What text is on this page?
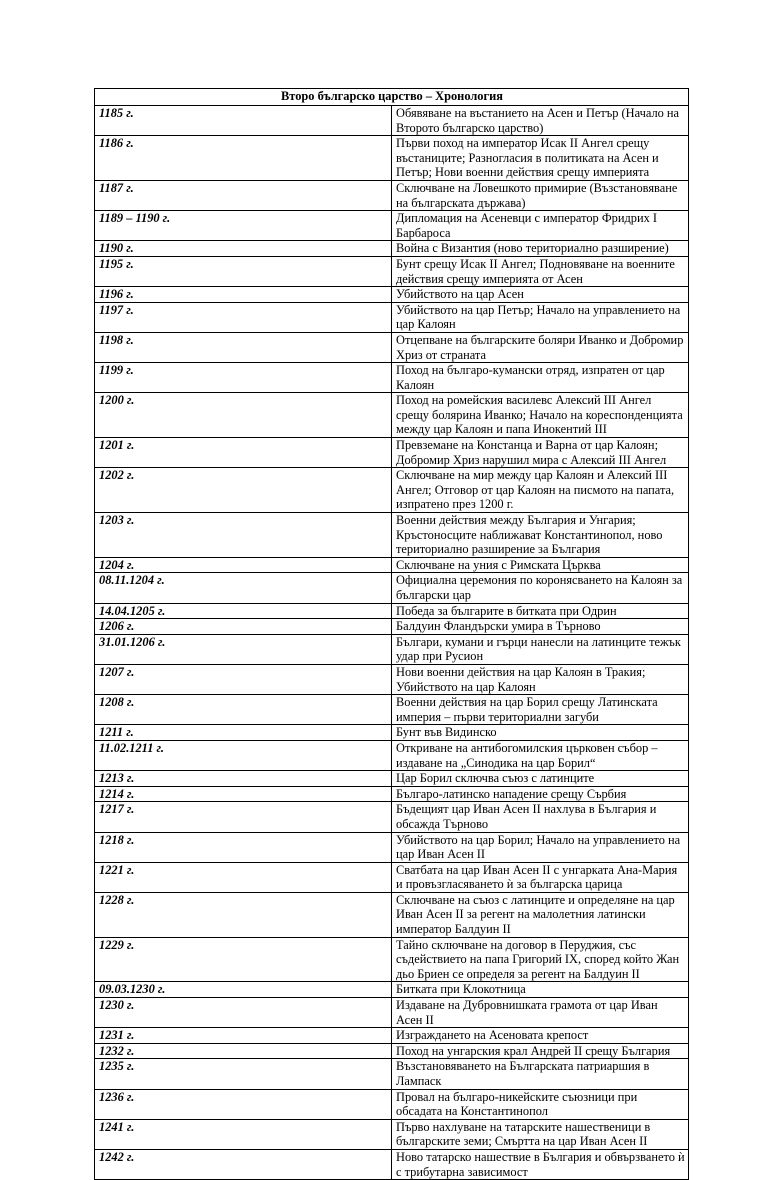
Второ българско царство – Хронология	
1185 г.	Обявяване на въстанието на Асен и Петър (Начало на Второто българско царство)
1186 г.	Първи поход на император Исак II Ангел срещу въстаниците; Разногласия в политиката на Асен и Петър; Нови военни действия срещу империята
1187 г.	Сключване на Ловешкото примирие (Възстановяване на българската държава)
1189 – 1190 г.	Дипломация на Асеневци с император Фридрих I Барбароса
1190 г.	Война с Византия (ново териториално разширение)
1195 г.	Бунт срещу Исак II Ангел; Подновяване на военните действия срещу империята от Асен
1196 г.	Убийството на цар Асен
1197 г.	Убийството на цар Петър; Начало на управлението на цар Калоян
1198 г.	Отцепване на българските боляри Иванко и Добромир Хриз от страната
1199 г.	Поход на българо-кумански отряд, изпратен от цар Калоян
1200 г.	Поход на ромейския василевс Алексий III Ангел срещу болярина Иванко; Начало на кореспонденцията между цар Калоян и папа Инокентий III
1201 г.	Превземане на Констанца и Варна от цар Калоян; Добромир Хриз нарушил мира с Алексий III Ангел
1202 г.	Сключване на мир между цар Калоян и Алексий III Ангел; Отговор от цар Калоян на писмото на папата, изпратено през 1200 г.
1203 г.	Военни действия между България и Унгария; Кръстоносците наближават Константинопол, ново териториално разширение за България
1204 г.	Сключване на уния с Римската Църква
08.11.1204 г.	Официална церемония по коронясването на Калоян за български цар
14.04.1205 г.	Победа за българите в битката при Одрин
1206 г.	Балдуин Фландърски умира в Търново
31.01.1206 г.	Българи, кумани и гърци нанесли на латинците тежък удар при Русион
1207 г.	Нови военни действия на цар Калоян в Тракия; Убийството на цар Калоян
1208 г.	Военни действия на цар Борил срещу Латинската империя – първи териториални загуби
1211 г.	Бунт във Видинско
11.02.1211 г.	Откриване на антибогомилския църковен събор – издаване на „Синодика на цар Борил“
1213 г.	Цар Борил сключва съюз с латинците
1214 г.	Българо-латинско нападение срещу Сърбия
1217 г.	Бъдещият цар Иван Асен II нахлува в България и обсажда Търново
1218 г.	Убийството на цар Борил; Начало на управлението на цар Иван Асен II
1221 г.	Сватбата на цар Иван Асен II с унгарката Ана-Мария и провъзгласяването ѝ за българска царица
1228 г.	Сключване на съюз с латинците и определяне на цар Иван Асен II за регент на малолетния латински император Балдуин II
1229 г.	Тайно сключване на договор в Перуджия, със съдействието на папа Григорий IX, според който Жан дьо Бриен се определя за регент на Балдуин II
09.03.1230 г.	Битката при Клокотница
1230 г.	Издаване на Дубровнишката грамота от цар Иван Асен II
1231 г.	Изграждането на Асеновата крепост
1232 г.	Поход на унгарския крал Андрей II срещу България
1235 г.	Възстановяването на Българската патриаршия в Лампаск
1236 г.	Провал на българо-никейските съюзници при обсадата на Константинопол
1241 г.	Първо нахлуване на татарските нашественици в българските земи; Смъртта на цар Иван Асен II
1242 г.	Ново татарско нашествие в България и обвързването ѝ с трибутарна зависимост
